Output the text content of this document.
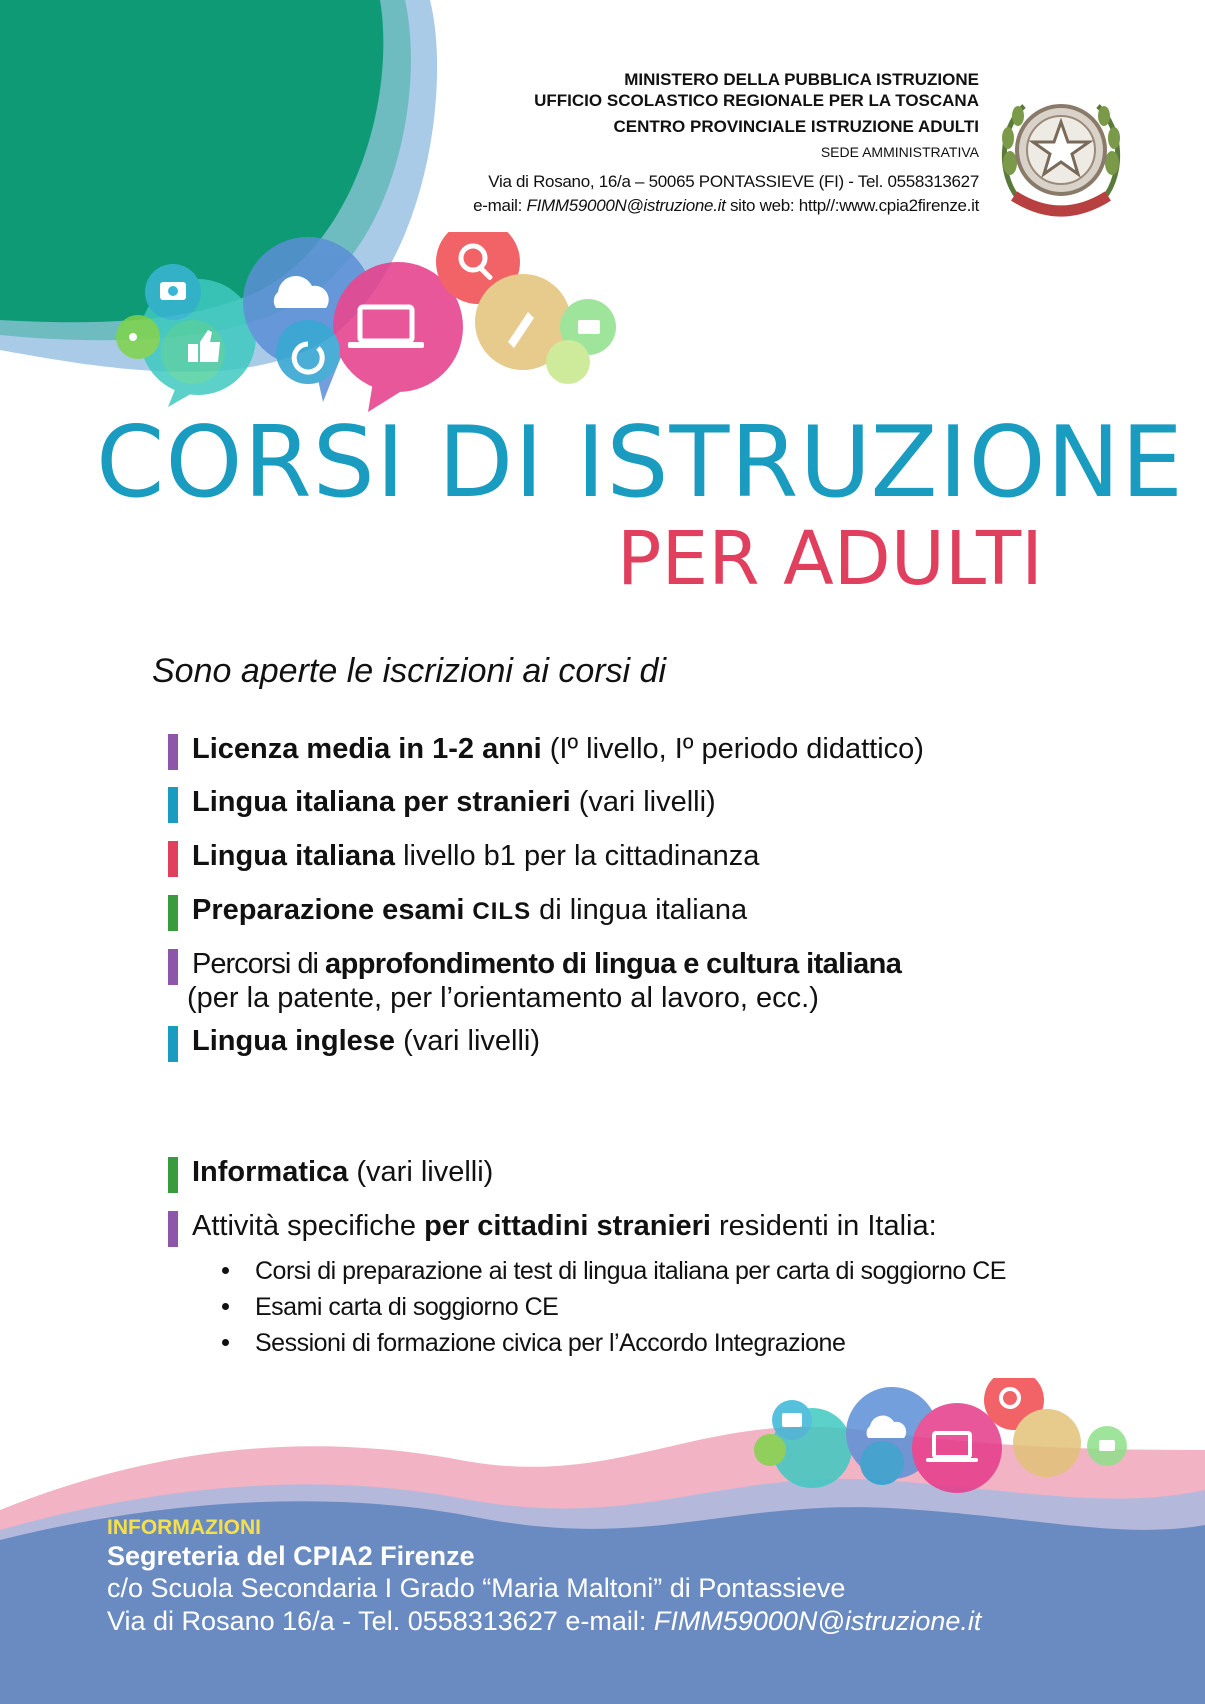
MINISTERO DELLA PUBBLICA ISTRUZIONE
UFFICIO SCOLASTICO REGIONALE PER LA TOSCANA
CENTRO PROVINCIALE ISTRUZIONE ADULTI
SEDE AMMINISTRATIVA
Via di Rosano, 16/a – 50065 PONTASSIEVE (FI) - Tel. 0558313627
e-mail: FIMM59000N@istruzione.it sito web: http//:www.cpia2firenze.it
CORSI DI ISTRUZIONE
PER ADULTI
Sono aperte le iscrizioni ai corsi di
Licenza media in 1-2 anni (Iº livello, Iº periodo didattico)
Lingua italiana per stranieri (vari livelli)
Lingua italiana livello b1 per la cittadinanza
Preparazione esami CILS di lingua italiana
Percorsi di approfondimento di lingua e cultura italiana
(per la patente, per l’orientamento al lavoro, ecc.)
Lingua inglese (vari livelli)
Informatica (vari livelli)
Attività specifiche per cittadini stranieri residenti in Italia:
Corsi di preparazione ai test di lingua italiana per carta di soggiorno CE
Esami carta di soggiorno CE
Sessioni di formazione civica per l’Accordo Integrazione
INFORMAZIONI
Segreteria del CPIA2 Firenze
c/o Scuola Secondaria I Grado “Maria Maltoni” di Pontassieve
Via di Rosano 16/a - Tel. 0558313627 e-mail: FIMM59000N@istruzione.it
